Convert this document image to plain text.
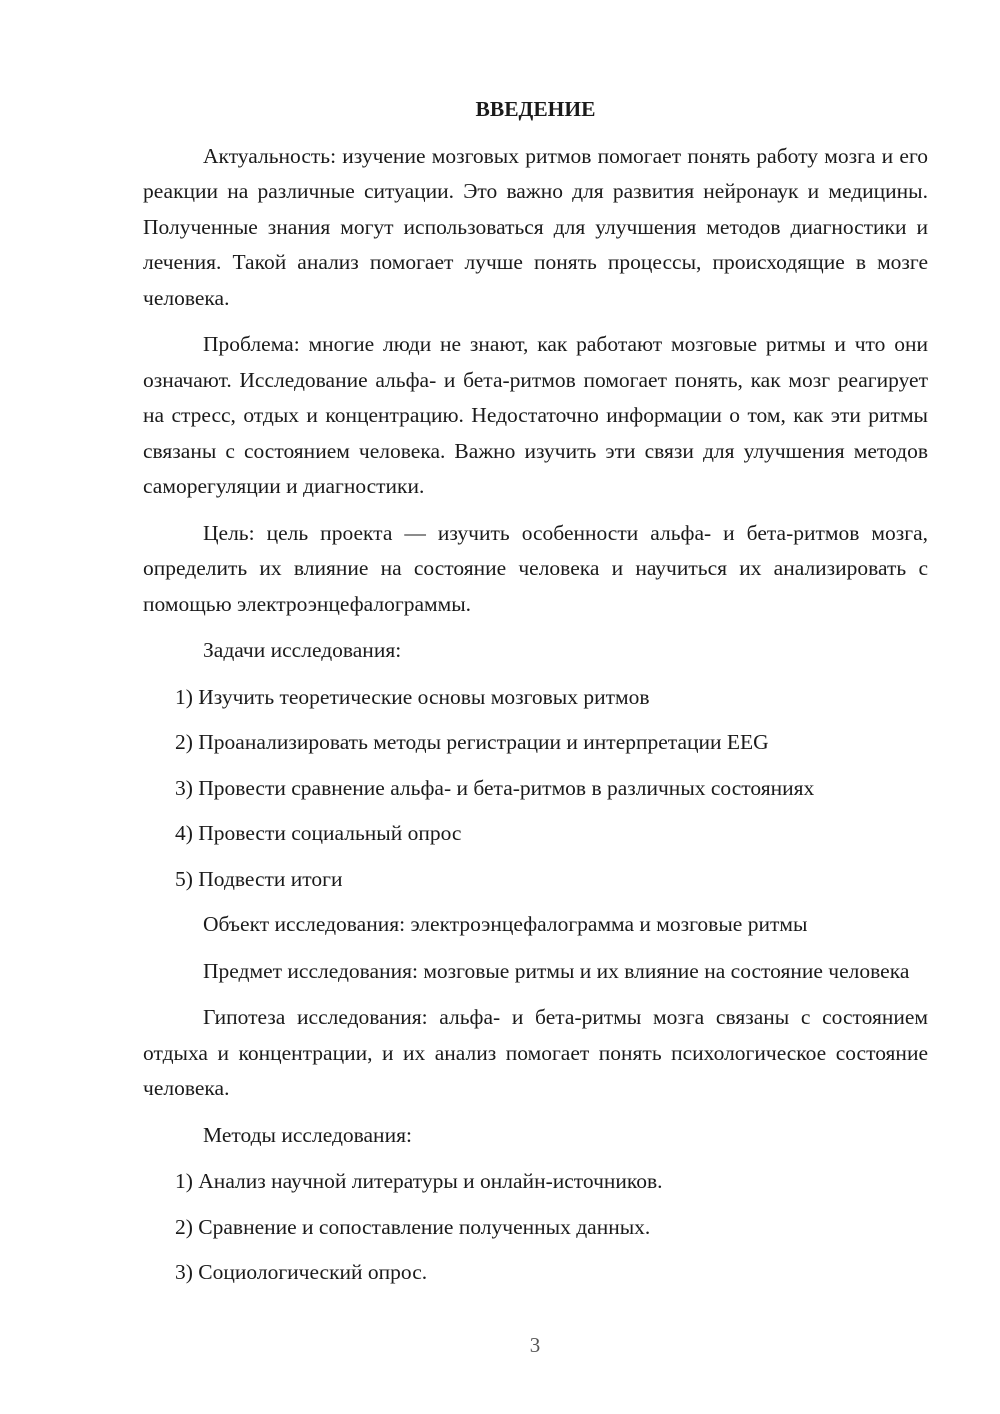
ВВЕДЕНИЕ

Актуальность: изучение мозговых ритмов помогает понять работу мозга и его реакции на различные ситуации. Это важно для развития нейронаук и медицины. Полученные знания могут использоваться для улучшения методов диагностики и лечения. Такой анализ помогает лучше понять процессы, происходящие в мозге человека.

Проблема: многие люди не знают, как работают мозговые ритмы и что они означают. Исследование альфа- и бета-ритмов помогает понять, как мозг реагирует на стресс, отдых и концентрацию. Недостаточно информации о том, как эти ритмы связаны с состоянием человека. Важно изучить эти связи для улучшения методов саморегуляции и диагностики.

Цель: цель проекта — изучить особенности альфа- и бета-ритмов мозга, определить их влияние на состояние человека и научиться их анализировать с помощью электроэнцефалограммы.

Задачи исследования:

1) Изучить теоретические основы мозговых ритмов

2) Проанализировать методы регистрации и интерпретации EEG

3) Провести сравнение альфа- и бета-ритмов в различных состояниях

4) Провести социальный опрос

5) Подвести итоги

Объект исследования: электроэнцефалограмма и мозговые ритмы

Предмет исследования: мозговые ритмы и их влияние на состояние человека

Гипотеза исследования: альфа- и бета-ритмы мозга связаны с состоянием отдыха и концентрации, и их анализ помогает понять психологическое состояние человека.

Методы исследования:

1) Анализ научной литературы и онлайн-источников.

2) Сравнение и сопоставление полученных данных.

3) Социологический опрос.

3
